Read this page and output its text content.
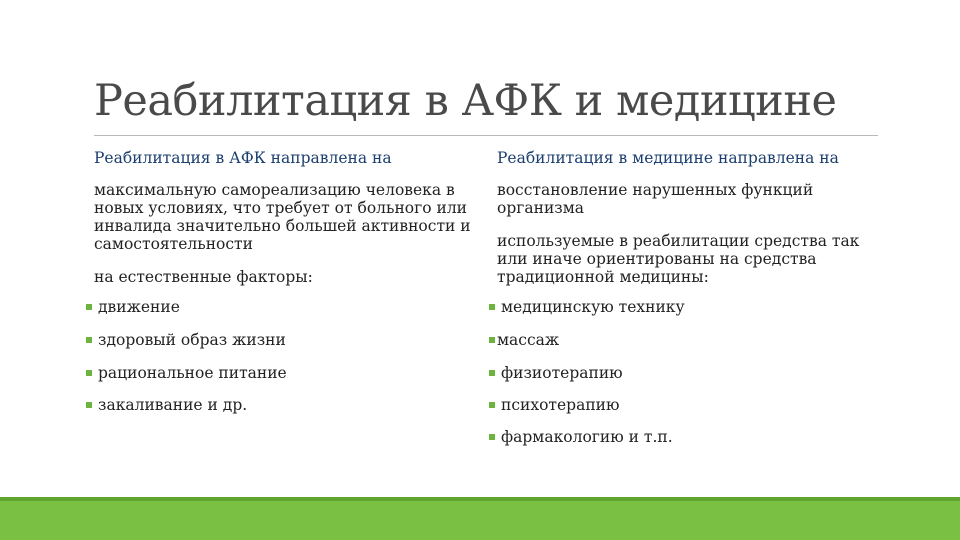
Реабилитация в АФК и медицине
Реабилитация в АФК направлена на	Реабилитация в медицине направлена на

максимальную самореализацию человека в новых условиях, что требует от больного или инвалида значительно большей активности и самостоятельности

на естественные факторы:

восстановление нарушенных функций организма

используемые в реабилитации средства так или иначе ориентированы на средства традиционной медицины:

движение
здоровый образ жизни
рациональное питание
закаливание и др.
медицинскую технику
массаж
физиотерапию
психотерапию
фармакологию и т.п.
